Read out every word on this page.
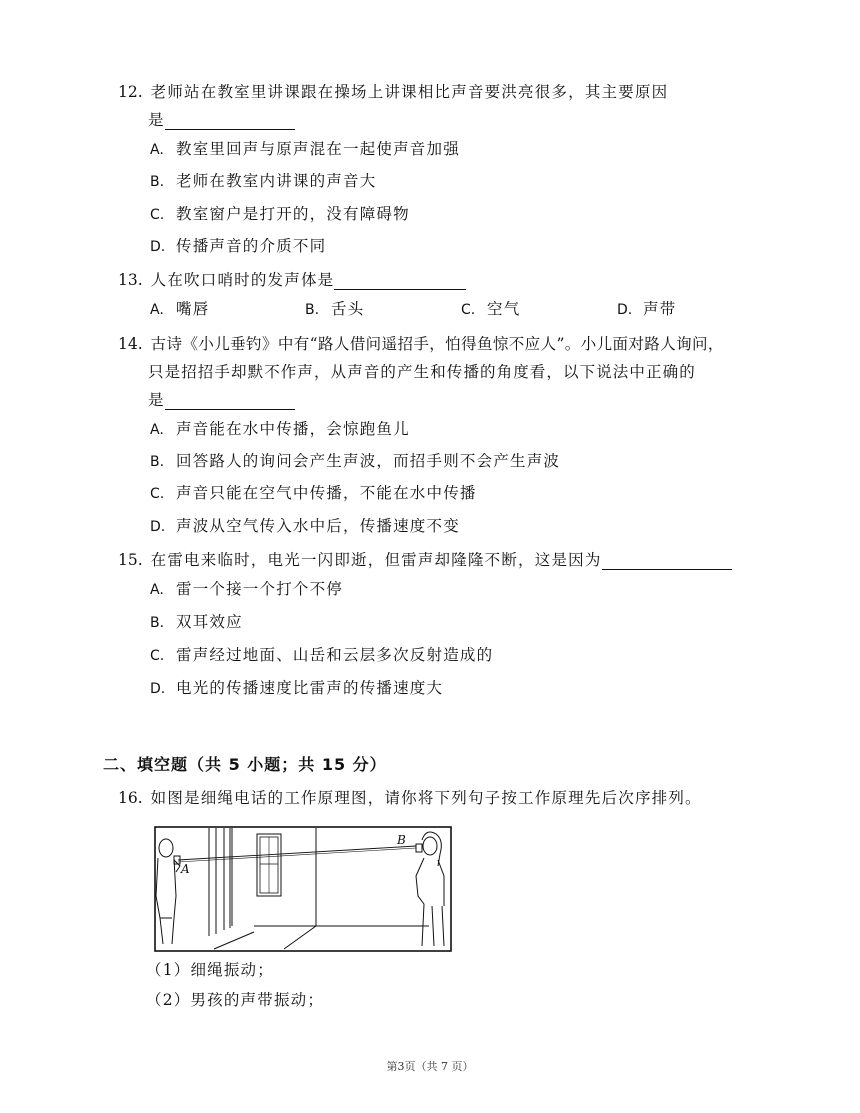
12. 老师站在教室里讲课跟在操场上讲课相比声音要洪亮很多，其主要原因
是
A. 教室里回声与原声混在一起使声音加强
B. 老师在教室内讲课的声音大
C. 教室窗户是打开的，没有障碍物
D. 传播声音的介质不同
13. 人在吹口哨时的发声体是
A. 嘴唇	B. 舌头	C. 空气	D. 声带
14. 古诗《小儿垂钓》中有“路人借问遥招手，怕得鱼惊不应人”。小儿面对路人询问，
只是招招手却默不作声，从声音的产生和传播的角度看，以下说法中正确的
是
A. 声音能在水中传播，会惊跑鱼儿
B. 回答路人的询问会产生声波，而招手则不会产生声波
C. 声音只能在空气中传播，不能在水中传播
D. 声波从空气传入水中后，传播速度不变
15. 在雷电来临时，电光一闪即逝，但雷声却隆隆不断，这是因为
A. 雷一个接一个打个不停
B. 双耳效应
C. 雷声经过地面、山岳和云层多次反射造成的
D. 电光的传播速度比雷声的传播速度大
二、填空题（共 5 小题；共 15 分）
16. 如图是细绳电话的工作原理图，请你将下列句子按工作原理先后次序排列。
A
B
（1）细绳振动；
（2）男孩的声带振动；
第3页（共 7 页）
